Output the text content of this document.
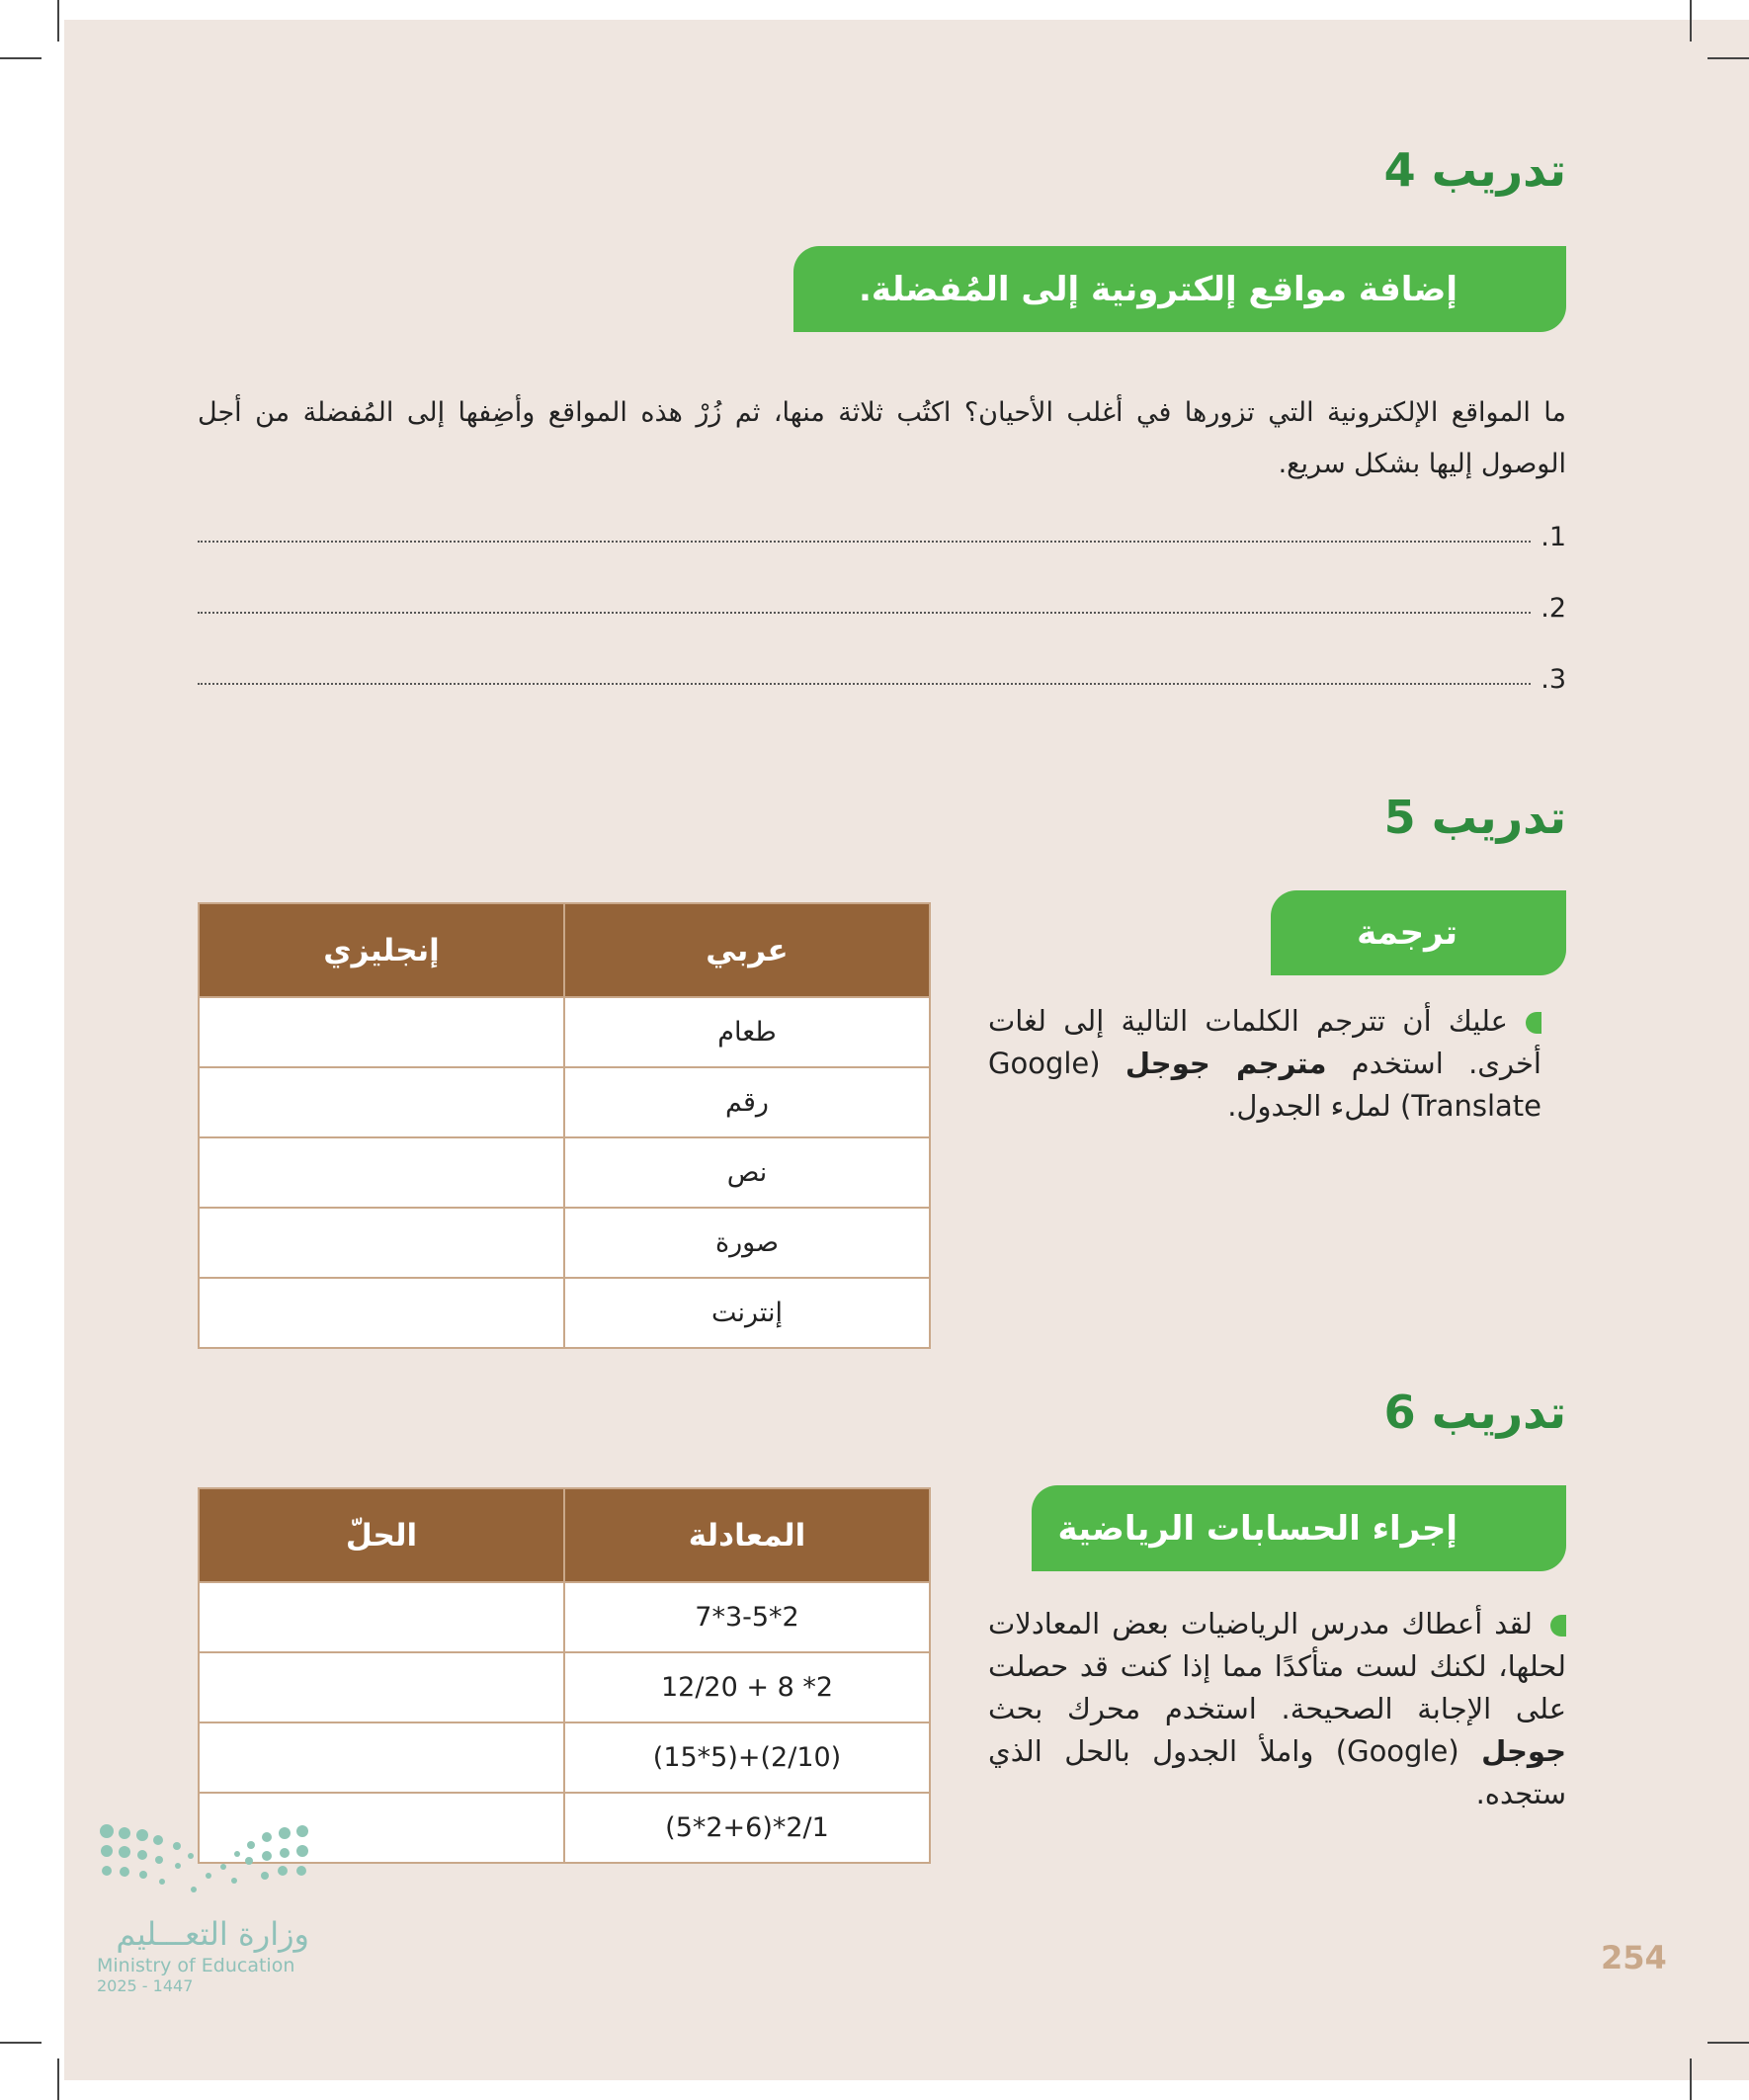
تدريب 4
إضافة مواقع إلكترونية إلى المُفضلة.
ما المواقع الإلكترونية التي تزورها في أغلب الأحيان؟ اكتُب ثلاثة منها، ثم زُرْ هذه المواقع وأضِفها إلى المُفضلة من أجل الوصول إليها بشكل سريع.
1.
2.
3.
تدريب 5
ترجمة
عليك أن تترجم الكلمات التالية إلى لغات أخرى. استخدم مترجم جوجل (Google Translate) لملء الجدول.
عربي	إنجليزي
طعام	
رقم	
نص	
صورة	
إنترنت	
تدريب 6
إجراء الحسابات الرياضية
لقد أعطاك مدرس الرياضيات بعض المعادلات لحلها، لكنك لست متأكدًا مما إذا كنت قد حصلت على الإجابة الصحيحة. استخدم محرك بحث جوجل (Google) واملأ الجدول بالحل الذي ستجده.
المعادلة	الحلّ
7*3-5*2	
12/20 + 8 *2	
(15*5)+(2/10)	
(5*2+6)*2/1	
وزارة التعـــليم
Ministry of Education
2025 - 1447
254
